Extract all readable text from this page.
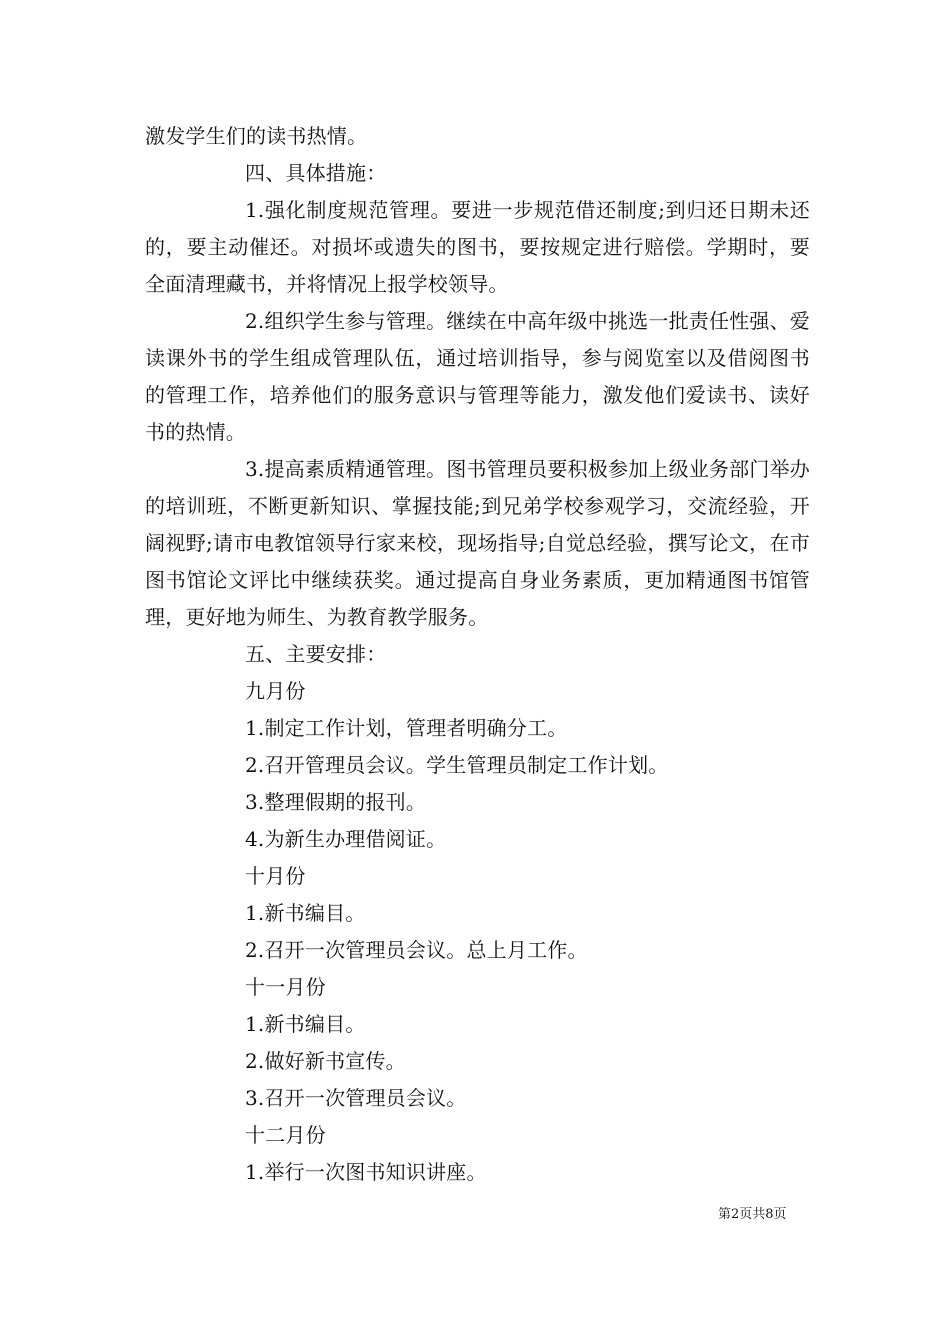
激发学生们的读书热情。

四、具体措施：

1.强化制度规范管理。要进一步规范借还制度;到归还日期未还的，要主动催还。对损坏或遗失的图书，要按规定进行赔偿。学期时，要全面清理藏书，并将情况上报学校领导。

2.组织学生参与管理。继续在中高年级中挑选一批责任性强、爱读课外书的学生组成管理队伍，通过培训指导，参与阅览室以及借阅图书的管理工作，培养他们的服务意识与管理等能力，激发他们爱读书、读好书的热情。

3.提高素质精通管理。图书管理员要积极参加上级业务部门举办的培训班，不断更新知识、掌握技能;到兄弟学校参观学习，交流经验，开阔视野;请市电教馆领导行家来校，现场指导;自觉总经验，撰写论文，在市图书馆论文评比中继续获奖。通过提高自身业务素质，更加精通图书馆管理，更好地为师生、为教育教学服务。

五、主要安排：

九月份

1.制定工作计划，管理者明确分工。

2.召开管理员会议。学生管理员制定工作计划。

3.整理假期的报刊。

4.为新生办理借阅证。

十月份

1.新书编目。

2.召开一次管理员会议。总上月工作。

十一月份

1.新书编目。

2.做好新书宣传。

3.召开一次管理员会议。

十二月份

1.举行一次图书知识讲座。

第2页共8页
